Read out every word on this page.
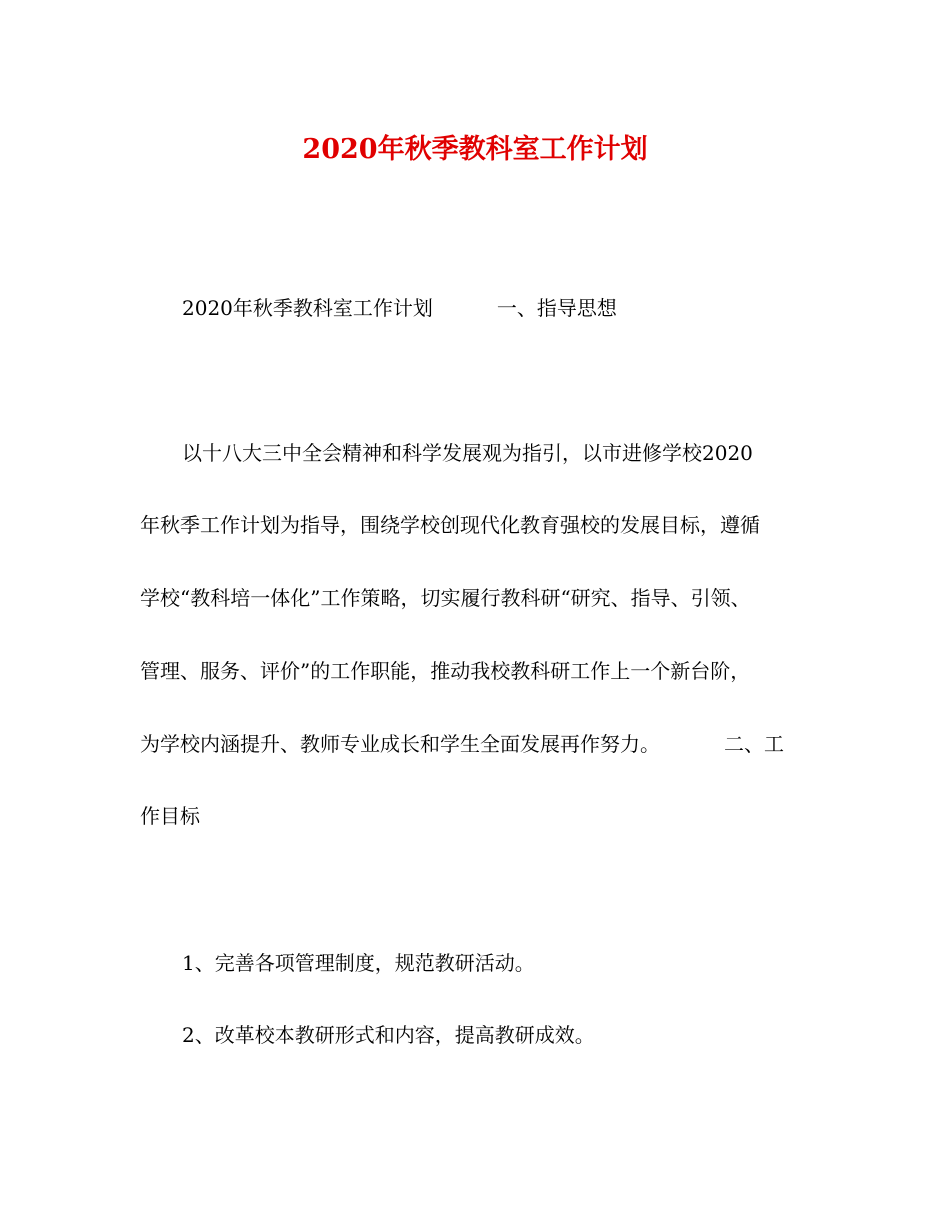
2020年秋季教科室工作计划

2020年秋季教科室工作计划	一、指导思想

以十八大三中全会精神和科学发展观为指引，以市进修学校2020

年秋季工作计划为指导，围绕学校创现代化教育强校的发展目标，遵循

学校“教科培一体化”工作策略，切实履行教科研“研究、指导、引领、

管理、服务、评价”的工作职能，推动我校教科研工作上一个新台阶，

为学校内涵提升、教师专业成长和学生全面发展再作努力。	二、工

作目标

1、完善各项管理制度，规范教研活动。

2、改革校本教研形式和内容，提高教研成效。
